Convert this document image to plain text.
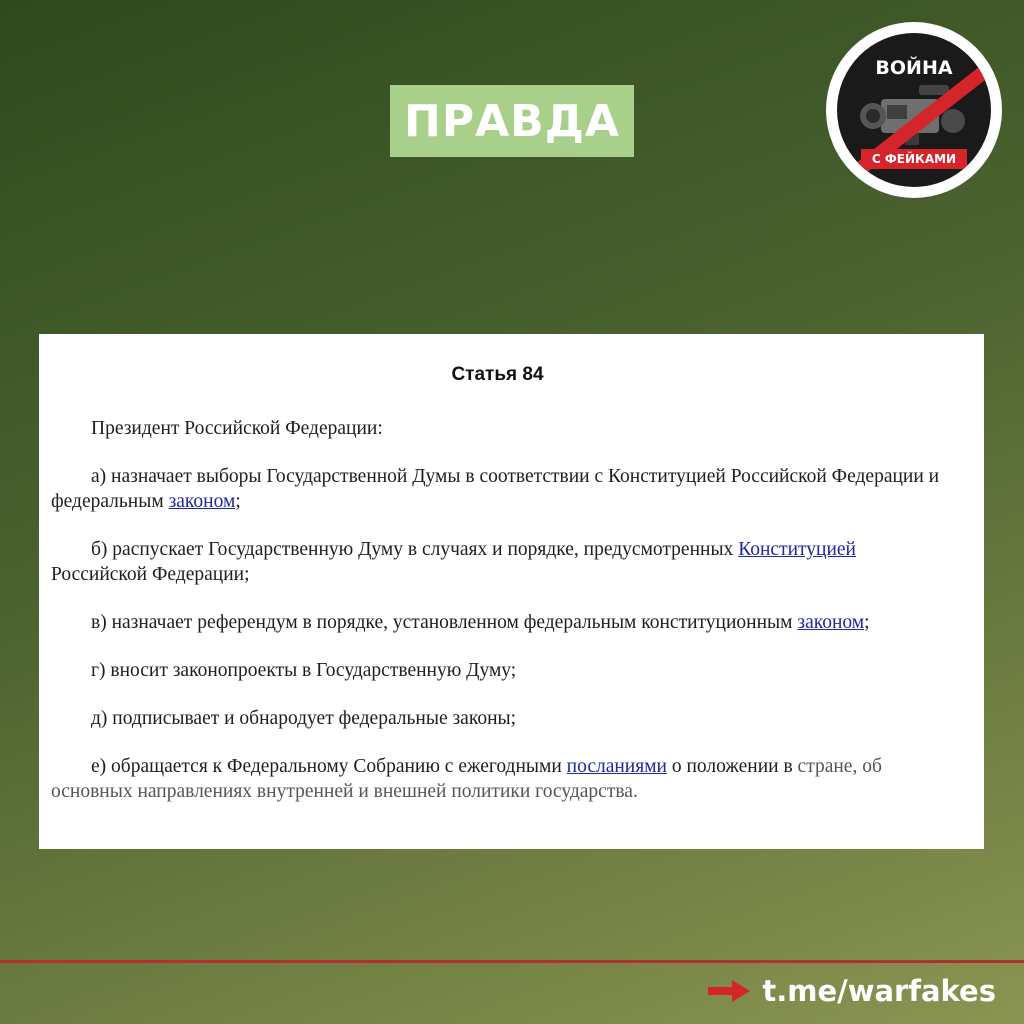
ПРАВДА
ВОЙНА
С ФЕЙКАМИ
Статья 84

Президент Российской Федерации:

а) назначает выборы Государственной Думы в соответствии с Конституцией Российской Федерации и федеральным законом;

б) распускает Государственную Думу в случаях и порядке, предусмотренных Конституцией Российской Федерации;

в) назначает референдум в порядке, установленном федеральным конституционным законом;

г) вносит законопроекты в Государственную Думу;

д) подписывает и обнародует федеральные законы;

е) обращается к Федеральному Собранию с ежегодными посланиями о положении в стране, об основных направлениях внутренней и внешней политики государства.

t.me/warfakes
